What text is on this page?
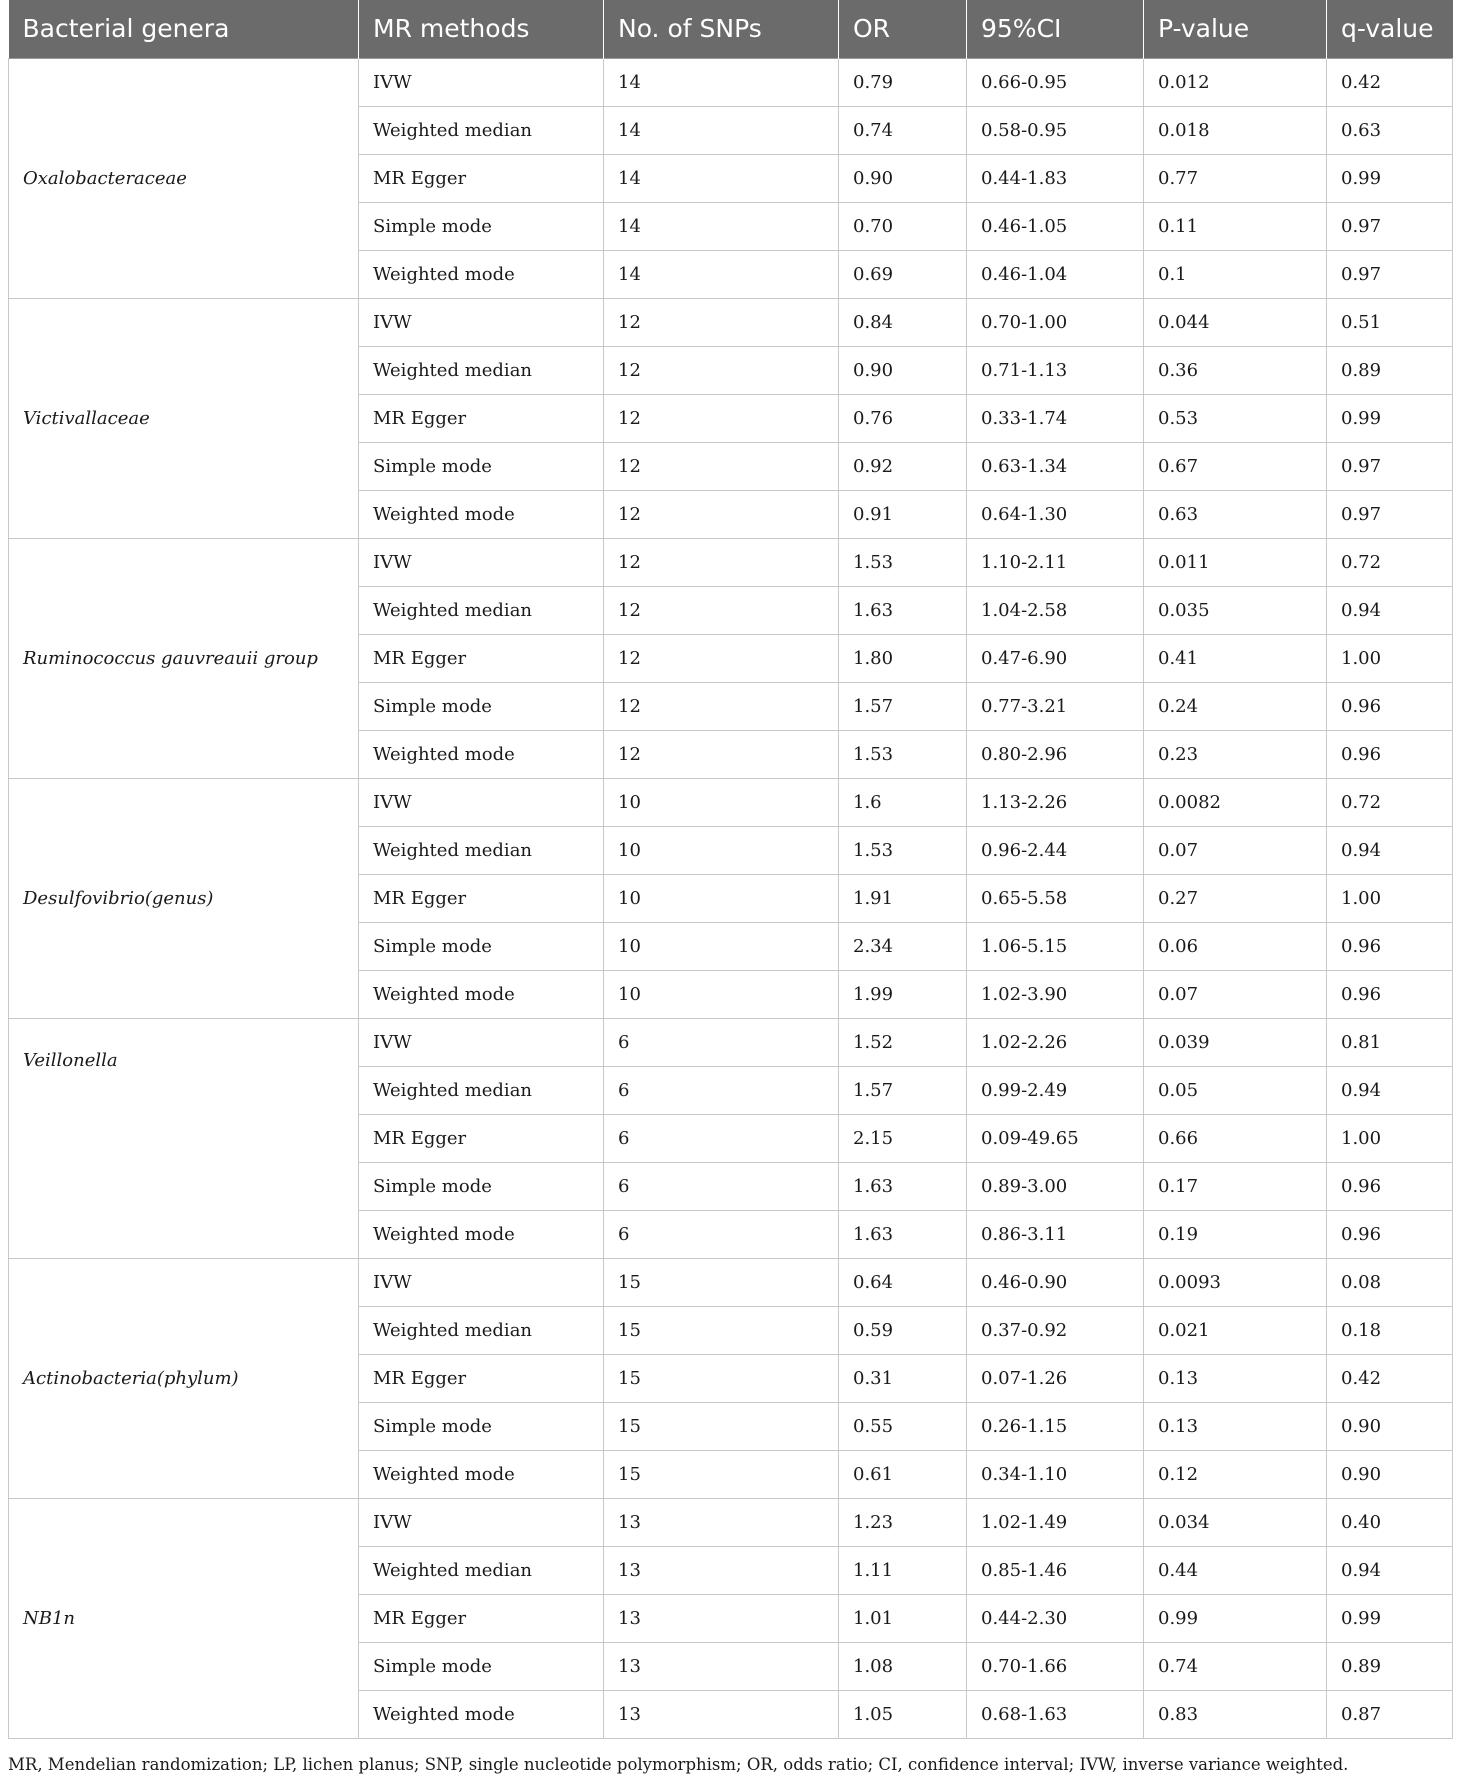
Bacterial genera	MR methods	No. of SNPs	OR	95%CI	P-value	q-value
Oxalobacteraceae	IVW	14	0.79	0.66-0.95	0.012	0.42
	Weighted median	14	0.74	0.58-0.95	0.018	0.63
	MR Egger	14	0.90	0.44-1.83	0.77	0.99
	Simple mode	14	0.70	0.46-1.05	0.11	0.97
	Weighted mode	14	0.69	0.46-1.04	0.1	0.97
Victivallaceae	IVW	12	0.84	0.70-1.00	0.044	0.51
	Weighted median	12	0.90	0.71-1.13	0.36	0.89
	MR Egger	12	0.76	0.33-1.74	0.53	0.99
	Simple mode	12	0.92	0.63-1.34	0.67	0.97
	Weighted mode	12	0.91	0.64-1.30	0.63	0.97
Ruminococcus gauvreauii group	IVW	12	1.53	1.10-2.11	0.011	0.72
	Weighted median	12	1.63	1.04-2.58	0.035	0.94
	MR Egger	12	1.80	0.47-6.90	0.41	1.00
	Simple mode	12	1.57	0.77-3.21	0.24	0.96
	Weighted mode	12	1.53	0.80-2.96	0.23	0.96
Desulfovibrio(genus)	IVW	10	1.6	1.13-2.26	0.0082	0.72
	Weighted median	10	1.53	0.96-2.44	0.07	0.94
	MR Egger	10	1.91	0.65-5.58	0.27	1.00
	Simple mode	10	2.34	1.06-5.15	0.06	0.96
	Weighted mode	10	1.99	1.02-3.90	0.07	0.96
Veillonella	IVW	6	1.52	1.02-2.26	0.039	0.81
	Weighted median	6	1.57	0.99-2.49	0.05	0.94
	MR Egger	6	2.15	0.09-49.65	0.66	1.00
	Simple mode	6	1.63	0.89-3.00	0.17	0.96
	Weighted mode	6	1.63	0.86-3.11	0.19	0.96
Actinobacteria(phylum)	IVW	15	0.64	0.46-0.90	0.0093	0.08
	Weighted median	15	0.59	0.37-0.92	0.021	0.18
	MR Egger	15	0.31	0.07-1.26	0.13	0.42
	Simple mode	15	0.55	0.26-1.15	0.13	0.90
	Weighted mode	15	0.61	0.34-1.10	0.12	0.90
NB1n	IVW	13	1.23	1.02-1.49	0.034	0.40
	Weighted median	13	1.11	0.85-1.46	0.44	0.94
	MR Egger	13	1.01	0.44-2.30	0.99	0.99
	Simple mode	13	1.08	0.70-1.66	0.74	0.89
	Weighted mode	13	1.05	0.68-1.63	0.83	0.87
MR, Mendelian randomization; LP, lichen planus; SNP, single nucleotide polymorphism; OR, odds ratio; CI, confidence interval; IVW, inverse variance weighted.
